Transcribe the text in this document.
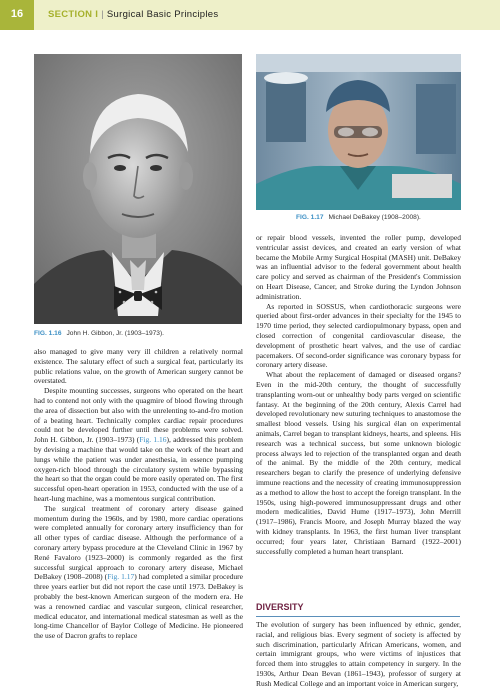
16	SECTION I | Surgical Basic Principles
FIG. 1.16 John H. Gibbon, Jr. (1903–1973).
FIG. 1.17 Michael DeBakey (1908–2008).

also managed to give many very ill children a relatively normal existence. The salutary effect of such a surgical feat, particularly its public relations value, on the growth of American surgery cannot be overstated.

Despite mounting successes, surgeons who operated on the heart had to contend not only with the quagmire of blood flowing through the area of dissection but also with the unrelenting to-and-fro motion of a beating heart. Technically complex cardiac repair procedures could not be developed further until these problems were solved. John H. Gibbon, Jr. (1903–1973) (Fig. 1.16), addressed this problem by devising a machine that would take on the work of the heart and lungs while the patient was under anesthesia, in essence pumping oxygen-rich blood through the circulatory system while bypassing the heart so that the organ could be more easily operated on. The first successful open-heart operation in 1953, conducted with the use of a heart-lung machine, was a momentous surgical contribution.

The surgical treatment of coronary artery disease gained momentum during the 1960s, and by 1980, more cardiac operations were completed annually for coronary artery insufficiency than for all other types of cardiac disease. Although the performance of a coronary artery bypass procedure at the Cleveland Clinic in 1967 by René Favaloro (1923–2000) is commonly regarded as the first successful surgical approach to coronary artery disease, Michael DeBakey (1908–2008) (Fig. 1.17) had completed a similar procedure three years earlier but did not report the case until 1973. DeBakey is probably the best-known American surgeon of the modern era. He was a renowned cardiac and vascular surgeon, clinical researcher, medical educator, and international medical statesman as well as the long-time Chancellor of Baylor College of Medicine. He pioneered the use of Dacron grafts to replace

or repair blood vessels, invented the roller pump, developed ventricular assist devices, and created an early version of what became the Mobile Army Surgical Hospital (MASH) unit. DeBakey was an influential advisor to the federal government about health care policy and served as chairman of the President's Commission on Heart Disease, Cancer, and Stroke during the Lyndon Johnson administration.

As reported in SOSSUS, when cardiothoracic surgeons were queried about first-order advances in their specialty for the 1945 to 1970 time period, they selected cardiopulmonary bypass, open and closed correction of congenital cardiovascular disease, the development of prosthetic heart valves, and the use of cardiac pacemakers. Of second-order significance was coronary bypass for coronary artery disease.

What about the replacement of damaged or diseased organs? Even in the mid-20th century, the thought of successfully transplanting worn-out or unhealthy body parts verged on scientific fantasy. At the beginning of the 20th century, Alexis Carrel had developed revolutionary new suturing techniques to anastomose the smallest blood vessels. Using his surgical élan on experimental animals, Carrel began to transplant kidneys, hearts, and spleens. His research was a technical success, but some unknown biologic process always led to rejection of the transplanted organ and death of the animal. By the middle of the 20th century, medical researchers began to clarify the presence of underlying defensive immune reactions and the necessity of creating immunosuppression as a method to allow the host to accept the foreign transplant. In the 1950s, using high-powered immunosuppressant drugs and other modern medicalities, David Hume (1917–1973), John Merrill (1917–1986), Francis Moore, and Joseph Murray blazed the way with kidney transplants. In 1963, the first human liver transplant occurred; four years later, Christiaan Barnard (1922–2001) successfully completed a human heart transplant.

DIVERSITY

The evolution of surgery has been influenced by ethnic, gender, racial, and religious bias. Every segment of society is affected by such discrimination, particularly African Americans, women, and certain immigrant groups, who were victims of injustices that forced them into struggles to attain competency in surgery. In the 1930s, Arthur Dean Bevan (1861–1943), professor of surgery at Rush Medical College and an important voice in American surgery,
